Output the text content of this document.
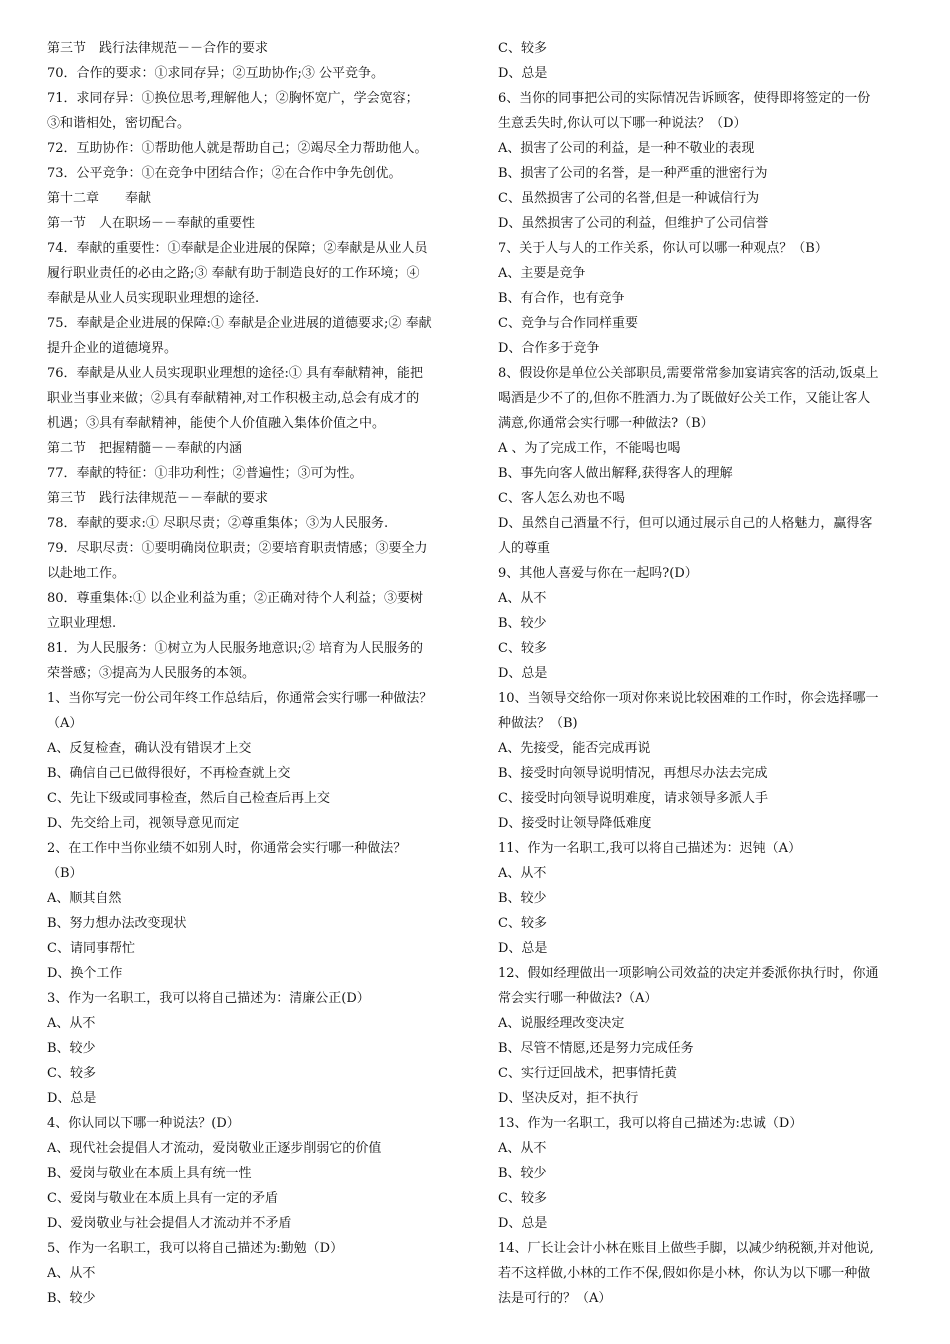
第三节　践行法律规范－－合作的要求
70．合作的要求：①求同存异；②互助协作;③ 公平竞争。
71．求同存异：①换位思考,理解他人；②胸怀宽广，学会宽容；
③和谐相处，密切配合。
72．互助协作：①帮助他人就是帮助自己；②竭尽全力帮助他人。
73．公平竞争：①在竞争中团结合作；②在合作中争先创优。
第十二章　　奉献
第一节　人在职场－－奉献的重要性
74．奉献的重要性：①奉献是企业进展的保障；②奉献是从业人员
履行职业责任的必由之路;③ 奉献有助于制造良好的工作环境；④
奉献是从业人员实现职业理想的途径.
75．奉献是企业进展的保障:① 奉献是企业进展的道德要求;② 奉献
提升企业的道德境界。
76．奉献是从业人员实现职业理想的途径:① 具有奉献精神，能把
职业当事业来做；②具有奉献精神,对工作积极主动,总会有成才的
机遇；③具有奉献精神，能使个人价值融入集体价值之中。
第二节　把握精髓－－奉献的内涵
77．奉献的特征：①非功利性；②普遍性；③可为性。
第三节　践行法律规范－－奉献的要求
78．奉献的要求:① 尽职尽责；②尊重集体；③为人民服务.
79．尽职尽责：①要明确岗位职责；②要培育职责情感；③要全力
以赴地工作。
80．尊重集体:① 以企业利益为重；②正确对待个人利益；③要树
立职业理想.
81．为人民服务：①树立为人民服务地意识;② 培育为人民服务的
荣誉感；③提高为人民服务的本领。
1、当你写完一份公司年终工作总结后，你通常会实行哪一种做法？
（A）
A、反复检查，确认没有错误才上交
B、确信自己已做得很好，不再检查就上交
C、先让下级或同事检查，然后自己检查后再上交
D、先交给上司，视领导意见而定
2、在工作中当你业绩不如别人时，你通常会实行哪一种做法？
（B）
A、顺其自然
B、努力想办法改变现状
C、请同事帮忙
D、换个工作
3、作为一名职工，我可以将自己描述为：清廉公正(D）
A、从不
B、较少
C、较多
D、总是
4、你认同以下哪一种说法？(D）
A、现代社会提倡人才流动，爱岗敬业正逐步削弱它的价值
B、爱岗与敬业在本质上具有统一性
C、爱岗与敬业在本质上具有一定的矛盾
D、爱岗敬业与社会提倡人才流动并不矛盾
5、作为一名职工，我可以将自己描述为:勤勉（D）
A、从不
B、较少
C、较多
D、总是
6、当你的同事把公司的实际情况告诉顾客，使得即将签定的一份
生意丢失时,你认可以下哪一种说法？（D）
A、损害了公司的利益，是一种不敬业的表现
B、损害了公司的名誉，是一种严重的泄密行为
C、虽然损害了公司的名誉,但是一种诚信行为
D、虽然损害了公司的利益，但维护了公司信誉
7、关于人与人的工作关系，你认可以哪一种观点？（B）
A、主要是竞争
B、有合作，也有竞争
C、竞争与合作同样重要
D、合作多于竞争
8、假设你是单位公关部职员,需要常常参加宴请宾客的活动,饭桌上
喝酒是少不了的,但你不胜酒力.为了既做好公关工作，又能让客人
满意,你通常会实行哪一种做法?（B）
A 、为了完成工作，不能喝也喝
B、事先向客人做出解释,获得客人的理解
C、客人怎么劝也不喝
D、虽然自己酒量不行，但可以通过展示自己的人格魅力，赢得客
人的尊重
9、其他人喜爱与你在一起吗?(D）
A、从不
B、较少
C、较多
D、总是
10、当领导交给你一项对你来说比较困难的工作时，你会选择哪一
种做法？（B)
A、先接受，能否完成再说
B、接受时向领导说明情况，再想尽办法去完成
C、接受时向领导说明难度，请求领导多派人手
D、接受时让领导降低难度
11、作为一名职工,我可以将自己描述为：迟钝（A）
A、从不
B、较少
C、较多
D、总是
12、假如经理做出一项影响公司效益的决定并委派你执行时，你通
常会实行哪一种做法?（A）
A、说服经理改变决定
B、尽管不情愿,还是努力完成任务
C、实行迂回战术，把事情托黄
D、坚决反对，拒不执行
13、作为一名职工，我可以将自己描述为:忠诚（D）
A、从不
B、较少
C、较多
D、总是
14、厂长让会计小林在账目上做些手脚，以减少纳税额,并对他说,
若不这样做,小林的工作不保,假如你是小林，你认为以下哪一种做
法是可行的？（A）
